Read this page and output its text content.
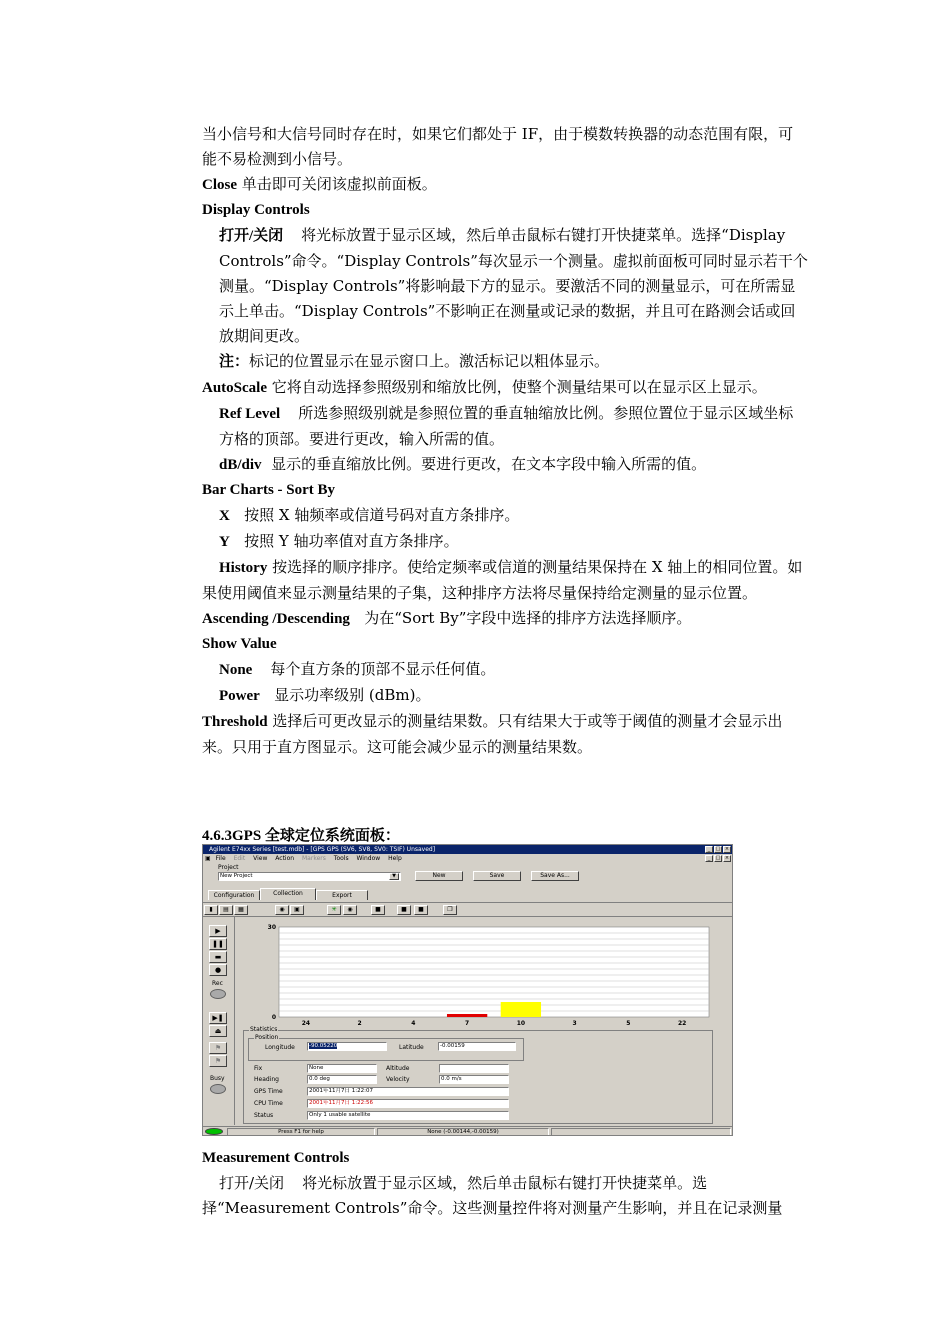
当小信号和大信号同时存在时，如果它们都处于 IF，由于模数转换器的动态范围有限，可能不易检测到小信号。

Close 单击即可关闭该虚拟前面板。

Display Controls

打开/关闭 将光标放置于显示区域，然后单击鼠标右键打开快捷菜单。选择“Display Controls”命令。“Display Controls”每次显示一个测量。虚拟前面板可同时显示若干个测量。“Display Controls”将影响最下方的显示。要激活不同的测量显示，可在所需显示上单击。“Display Controls”不影响正在测量或记录的数据，并且可在路测会话或回放期间更改。

注：标记的位置显示在显示窗口上。激活标记以粗体显示。

AutoScale 它将自动选择参照级别和缩放比例，使整个测量结果可以在显示区上显示。

Ref Level 所选参照级别就是参照位置的垂直轴缩放比例。参照位置位于显示区域坐标方格的顶部。要进行更改，输入所需的值。

dB/div 显示的垂直缩放比例。要进行更改，在文本字段中输入所需的值。

Bar Charts - Sort By

X 按照 X 轴频率或信道号码对直方条排序。

Y 按照 Y 轴功率值对直方条排序。

History 按选择的顺序排序。使给定频率或信道的测量结果保持在 X 轴上的相同位置。如果使用阈值来显示测量结果的子集，这种排序方法将尽量保持给定测量的显示位置。

Ascending /Descending 为在“Sort By”字段中选择的排序方法选择顺序。

Show Value

None 每个直方条的顶部不显示任何值。

Power 显示功率级别 (dBm)。

Threshold 选择后可更改显示的测量结果数。只有结果大于或等于阈值的测量才会显示出来。只用于直方图显示。这可能会减少显示的测量结果数。

4.6.3GPS 全球定位系统面板：
Agilent E74xx Series [test.mdb] - [GPS GPS (SV6, SV8, SV0: TSIF) Unsaved]	_	□ ×
▣ File Edit View Action Markers Tools Window Help	_	□ ×
Project
New Project	▼	New	Save	Save As...
Configuration	Collection	Export
▮	▤	▦	◉	▣	✳	◉	■	■	■	❐
▶
❚❚
▬
●
Rec
▶❚
⏏
⚑
⚑
Busy
30
0
24	2	4	7	10	3	5	22
Statistics
Position
Longitude	-90.05220	Latitude	-0.00159
Fix	None	Altitude
Heading	0.0 deg	Velocity	0.0 m/s
GPS Time	2001年11月7日 1:22:07
CPU Time	2001年11月7日 1:22:56
Status	Only 1 usable satellite
Press F1 for help	None (-0.00144,-0.00159)

Measurement Controls

打开/关闭 将光标放置于显示区域，然后单击鼠标右键打开快捷菜单。选择“Measurement Controls”命令。这些测量控件将对测量产生影响，并且在记录测量
